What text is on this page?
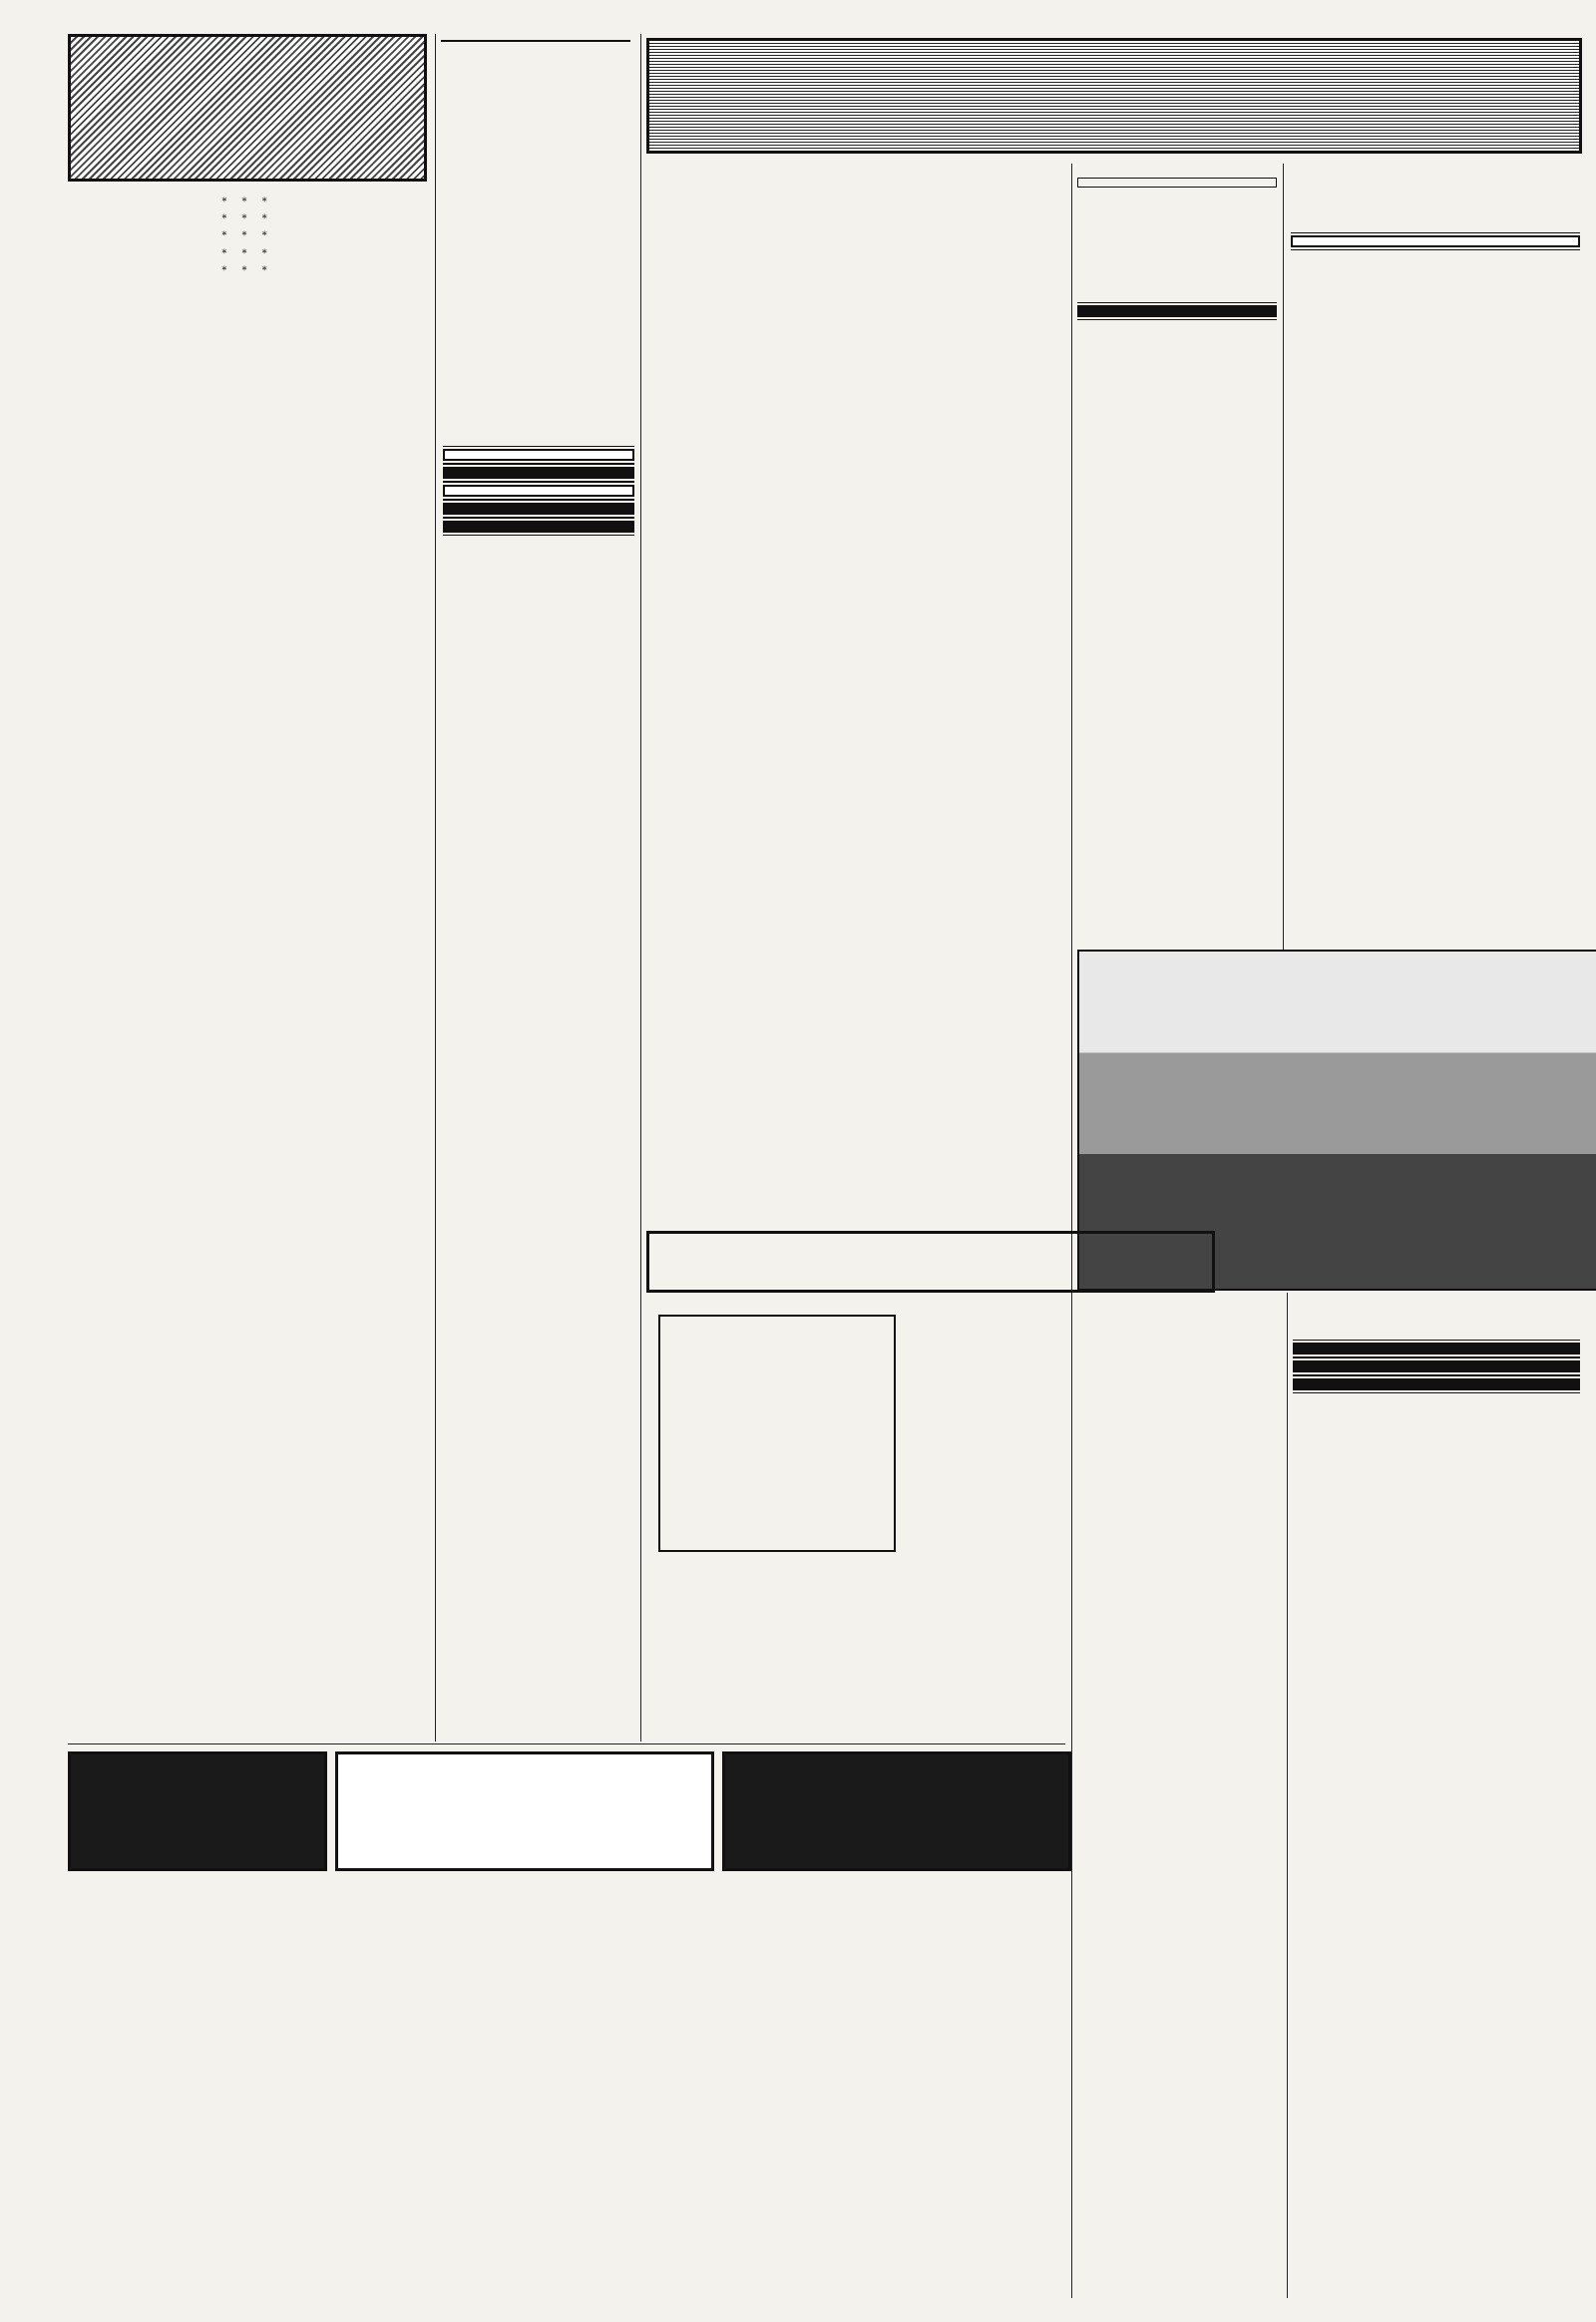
* * *

* * *

* * *

* * *

* * *
